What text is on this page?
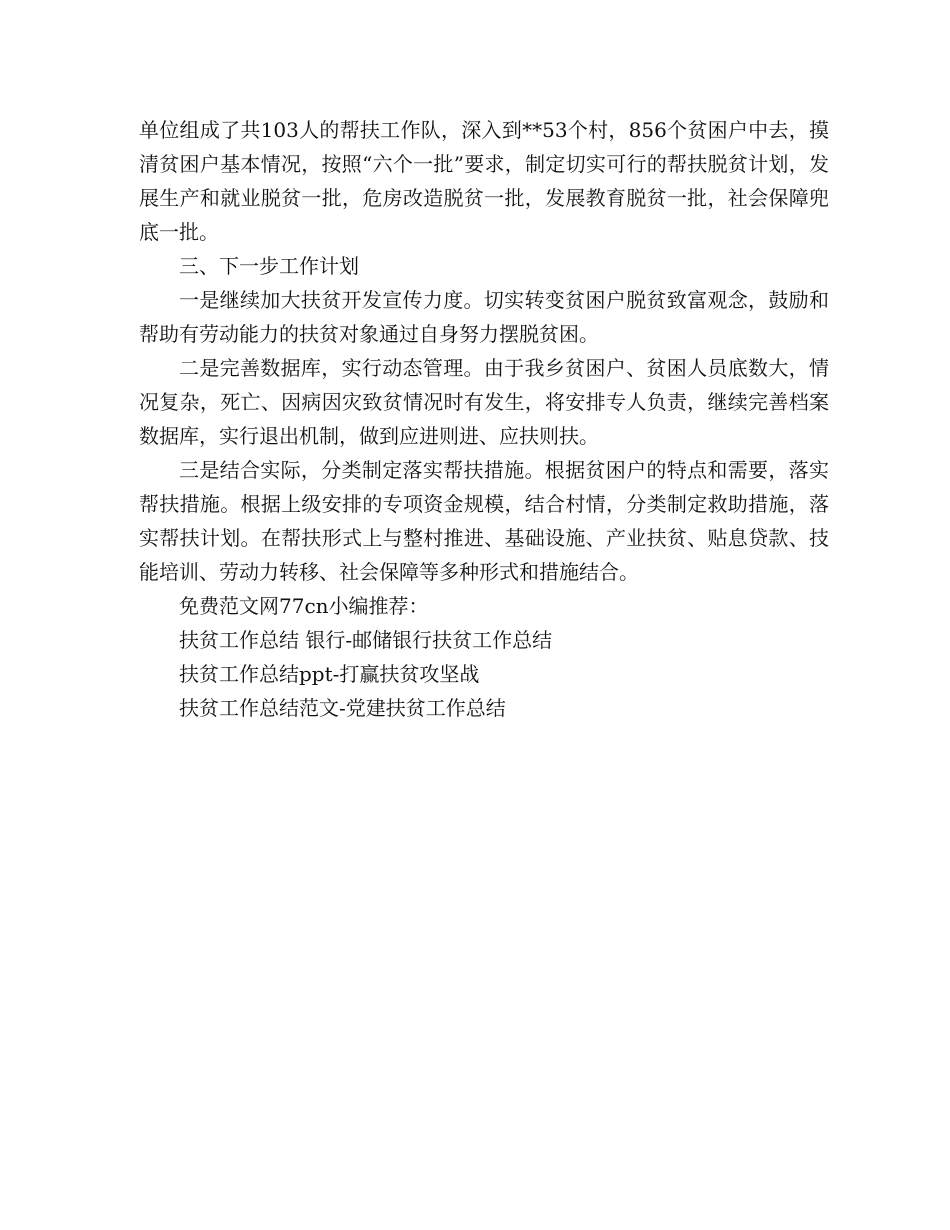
单位组成了共103人的帮扶工作队，深入到**53个村，856个贫困户中去，摸清贫困户基本情况，按照“六个一批”要求，制定切实可行的帮扶脱贫计划，发展生产和就业脱贫一批，危房改造脱贫一批，发展教育脱贫一批，社会保障兜底一批。

三、下一步工作计划

一是继续加大扶贫开发宣传力度。切实转变贫困户脱贫致富观念，鼓励和帮助有劳动能力的扶贫对象通过自身努力摆脱贫困。

二是完善数据库，实行动态管理。由于我乡贫困户、贫困人员底数大，情况复杂，死亡、因病因灾致贫情况时有发生，将安排专人负责，继续完善档案数据库，实行退出机制，做到应进则进、应扶则扶。

三是结合实际，分类制定落实帮扶措施。根据贫困户的特点和需要，落实帮扶措施。根据上级安排的专项资金规模，结合村情，分类制定救助措施，落实帮扶计划。在帮扶形式上与整村推进、基础设施、产业扶贫、贴息贷款、技能培训、劳动力转移、社会保障等多种形式和措施结合。

免费范文网77cn小编推荐：

扶贫工作总结 银行-邮储银行扶贫工作总结
扶贫工作总结ppt-打赢扶贫攻坚战
扶贫工作总结范文-党建扶贫工作总结
